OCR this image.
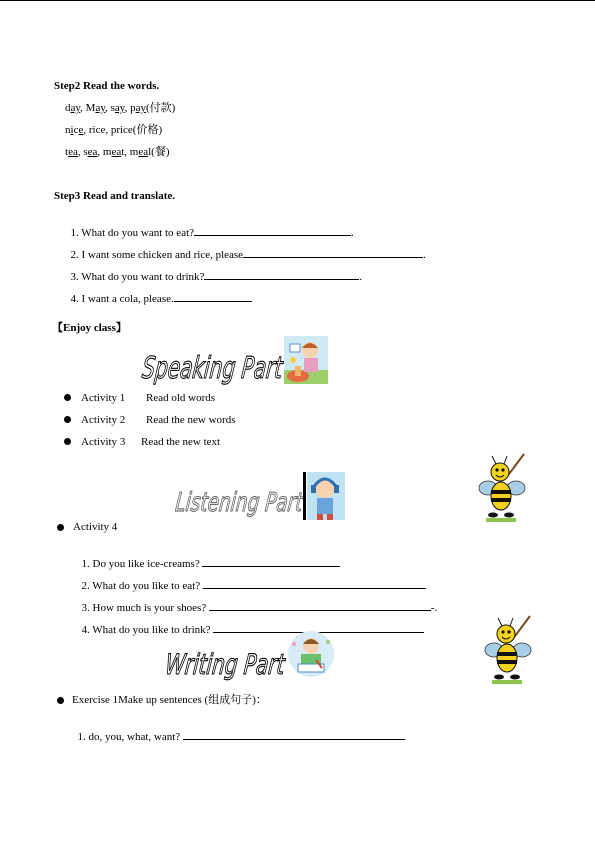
Step2 Read the words.
day, May, say, pay(付款)
nice, rice, price(价格)
tea, sea, meat, meal(餐)
Step3 Read and translate.

1. What do you want to eat?	.

2. I want some chicken and rice, please	.

3. What do you want to drink?	.

4. I want a cola, please.

【Enjoy class】
Speaking Part
Activity 1 Read old words
Activity 2 Read the new words
Activity 3 Read the new text
Listening Part
Activity 4

1. Do you like ice-creams?

2. What do you like to eat?

3. How much is your shoes?	-.

4. What do you like to drink?

Writing Part
Exercise 1Make up sentences (组成句子)：

1. do, you, what, want?
